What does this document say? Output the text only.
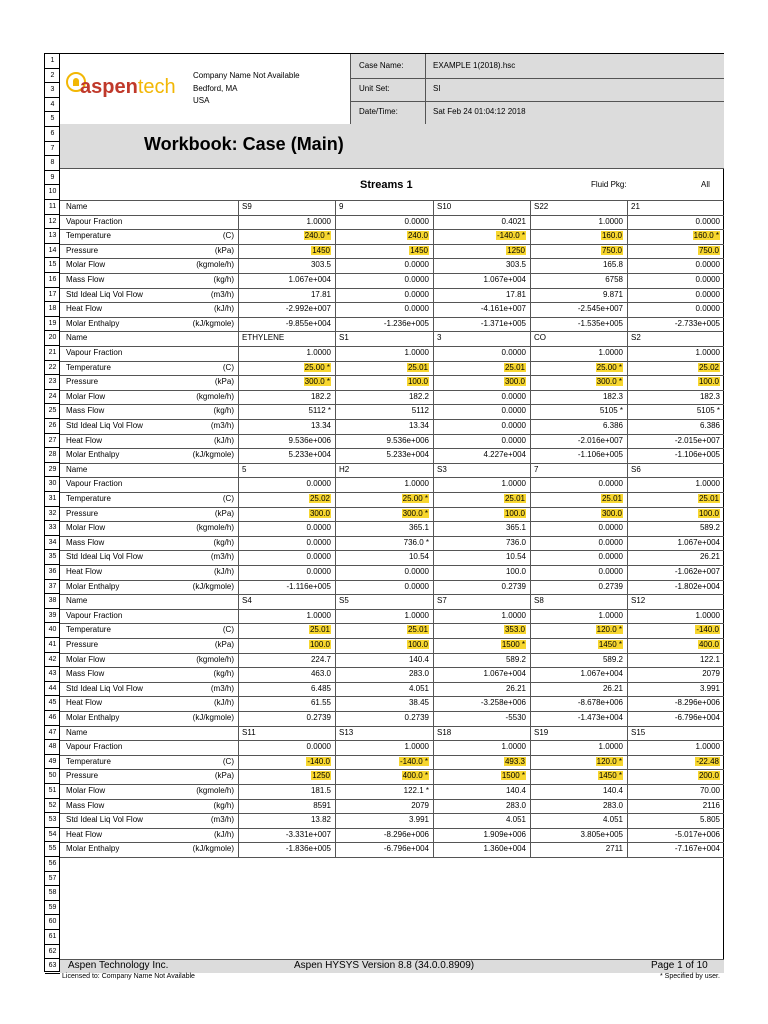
1
2
3
4
5
6
7
8
9
10
11
12
13
14
15
16
17
18
19
20
21
22
23
24
25
26
27
28
29
30
31
32
33
34
35
36
37
38
39
40
41
42
43
44
45
46
47
48
49
50
51
52
53
54
55
56
57
58
59
60
61
62
63
aspentech
Company Name Not Available
Bedford, MA
USA
Case Name:	EXAMPLE 1(2018).hsc
Unit Set:	SI
Date/Time:	Sat Feb 24 01:04:12 2018
Workbook: Case (Main)
Streams 1	Fluid Pkg:	All
Name	S9	9	S10	S22	21
Vapour Fraction	1.0000	0.0000	0.4021	1.0000	0.0000
Temperature	(C)	240.0 *	240.0	-140.0 *	160.0	160.0 *
Pressure	(kPa)	1450	1450	1250	750.0	750.0
Molar Flow	(kgmole/h)	303.5	0.0000	303.5	165.8	0.0000
Mass Flow	(kg/h)	1.067e+004	0.0000	1.067e+004	6758	0.0000
Std Ideal Liq Vol Flow	(m3/h)	17.81	0.0000	17.81	9.871	0.0000
Heat Flow	(kJ/h)	-2.992e+007	0.0000	-4.161e+007	-2.545e+007	0.0000
Molar Enthalpy	(kJ/kgmole)	-9.855e+004	-1.236e+005	-1.371e+005	-1.535e+005	-2.733e+005
Name	ETHYLENE	S1	3	CO	S2
Vapour Fraction	1.0000	1.0000	0.0000	1.0000	1.0000
Temperature	(C)	25.00 *	25.01	25.01	25.00 *	25.02
Pressure	(kPa)	300.0 *	100.0	300.0	300.0 *	100.0
Molar Flow	(kgmole/h)	182.2	182.2	0.0000	182.3	182.3
Mass Flow	(kg/h)	5112 *	5112	0.0000	5105 *	5105 *
Std Ideal Liq Vol Flow	(m3/h)	13.34	13.34	0.0000	6.386	6.386
Heat Flow	(kJ/h)	9.536e+006	9.536e+006	0.0000	-2.016e+007	-2.015e+007
Molar Enthalpy	(kJ/kgmole)	5.233e+004	5.233e+004	4.227e+004	-1.106e+005	-1.106e+005
Name	5	H2	S3	7	S6
Vapour Fraction	0.0000	1.0000	1.0000	0.0000	1.0000
Temperature	(C)	25.02	25.00 *	25.01	25.01	25.01
Pressure	(kPa)	300.0	300.0 *	100.0	300.0	100.0
Molar Flow	(kgmole/h)	0.0000	365.1	365.1	0.0000	589.2
Mass Flow	(kg/h)	0.0000	736.0 *	736.0	0.0000	1.067e+004
Std Ideal Liq Vol Flow	(m3/h)	0.0000	10.54	10.54	0.0000	26.21
Heat Flow	(kJ/h)	0.0000	0.0000	100.0	0.0000	-1.062e+007
Molar Enthalpy	(kJ/kgmole)	-1.116e+005	0.0000	0.2739	0.2739	-1.802e+004
Name	S4	S5	S7	S8	S12
Vapour Fraction	1.0000	1.0000	1.0000	1.0000	1.0000
Temperature	(C)	25.01	25.01	353.0	120.0 *	-140.0
Pressure	(kPa)	100.0	100.0	1500 *	1450 *	400.0
Molar Flow	(kgmole/h)	224.7	140.4	589.2	589.2	122.1
Mass Flow	(kg/h)	463.0	283.0	1.067e+004	1.067e+004	2079
Std Ideal Liq Vol Flow	(m3/h)	6.485	4.051	26.21	26.21	3.991
Heat Flow	(kJ/h)	61.55	38.45	-3.258e+006	-8.678e+006	-8.296e+006
Molar Enthalpy	(kJ/kgmole)	0.2739	0.2739	-5530	-1.473e+004	-6.796e+004
Name	S11	S13	S18	S19	S15
Vapour Fraction	0.0000	1.0000	1.0000	1.0000	1.0000
Temperature	(C)	-140.0	-140.0 *	493.3	120.0 *	-22.48
Pressure	(kPa)	1250	400.0 *	1500 *	1450 *	200.0
Molar Flow	(kgmole/h)	181.5	122.1 *	140.4	140.4	70.00
Mass Flow	(kg/h)	8591	2079	283.0	283.0	2116
Std Ideal Liq Vol Flow	(m3/h)	13.82	3.991	4.051	4.051	5.805
Heat Flow	(kJ/h)	-3.331e+007	-8.296e+006	1.909e+006	3.805e+005	-5.017e+006
Molar Enthalpy	(kJ/kgmole)	-1.836e+005	-6.796e+004	1.360e+004	2711	-7.167e+004
Aspen Technology Inc.	Aspen HYSYS Version 8.8 (34.0.0.8909)	Page 1 of 10
Licensed to: Company Name Not Available	* Specified by user.
